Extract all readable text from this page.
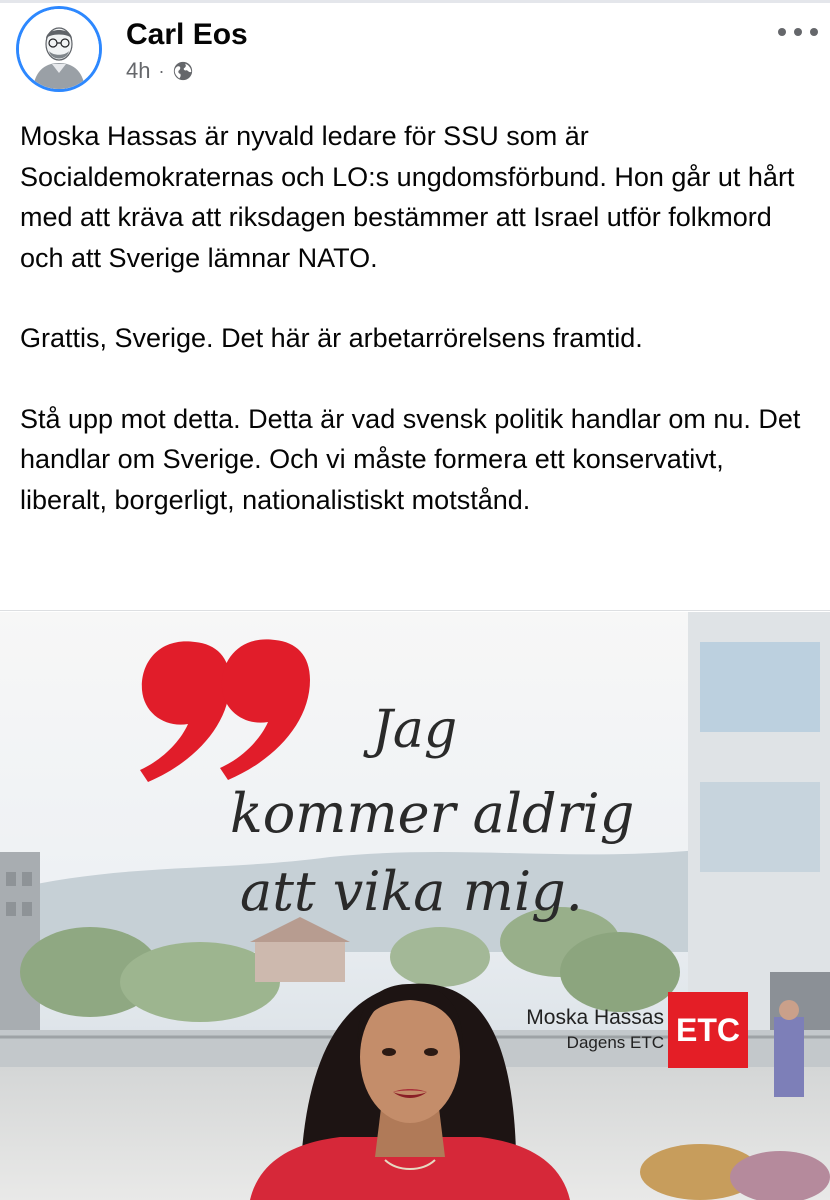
Carl Eos
4h ·

Moska Hassas är nyvald ledare för SSU som är Socialdemokraternas och LO:s ungdomsförbund. Hon går ut hårt med att kräva att riksdagen bestämmer att Israel utför folkmord och att Sverige lämnar NATO.

Grattis, Sverige. Det här är arbetarrörelsens framtid.

Stå upp mot detta. Detta är vad svensk politik handlar om nu. Det handlar om Sverige. Och vi måste formera ett konservativt, liberalt, borgerligt, nationalistiskt motstånd.

Jag
kommer aldrig
att vika mig.
Moska Hassas
Dagens ETC ETC
